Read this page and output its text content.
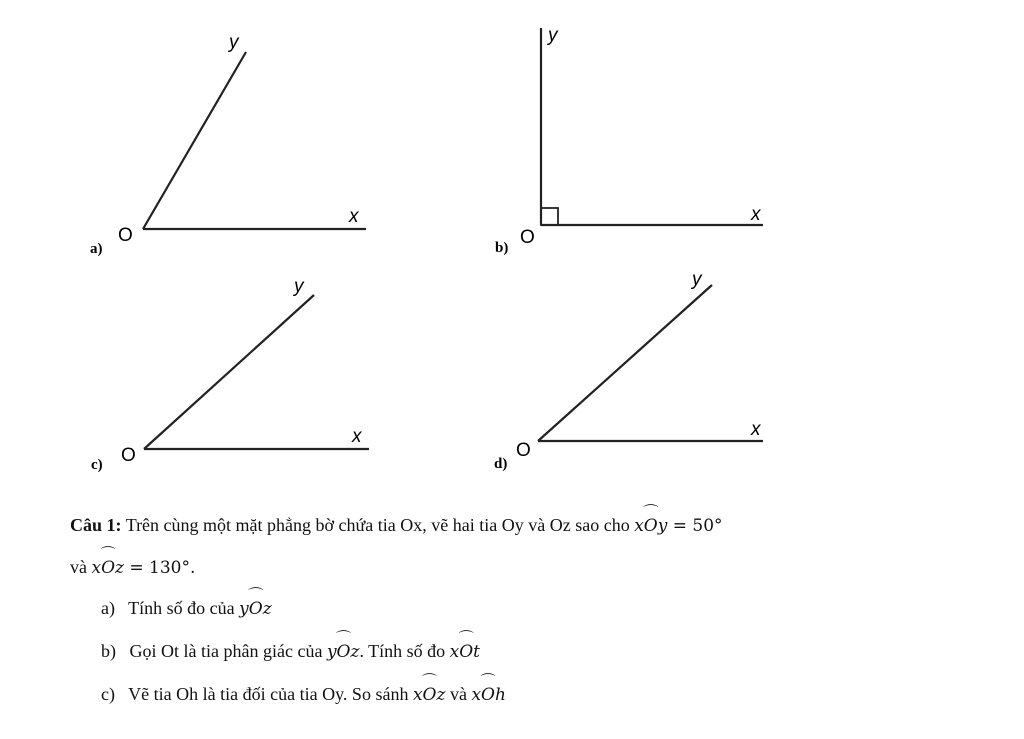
a)
O
x
y
b) O
x
y
c) O
x
y
d)
O
x
y
Câu 1: Trên cùng một mặt phẳng bờ chứa tia Ox, vẽ hai tia Oy và Oz sao cho x
⌒
Oy = 50°
và x
⌒
Oz = 130°.
a) Tính số đo của y
⌒
Oz
b) Gọi Ot là tia phân giác của y
⌒
Oz. Tính số đo x
⌒
Ot
c) Vẽ tia Oh là tia đối của tia Oy. So sánh x
⌒
Oz và x
⌒
Oh
